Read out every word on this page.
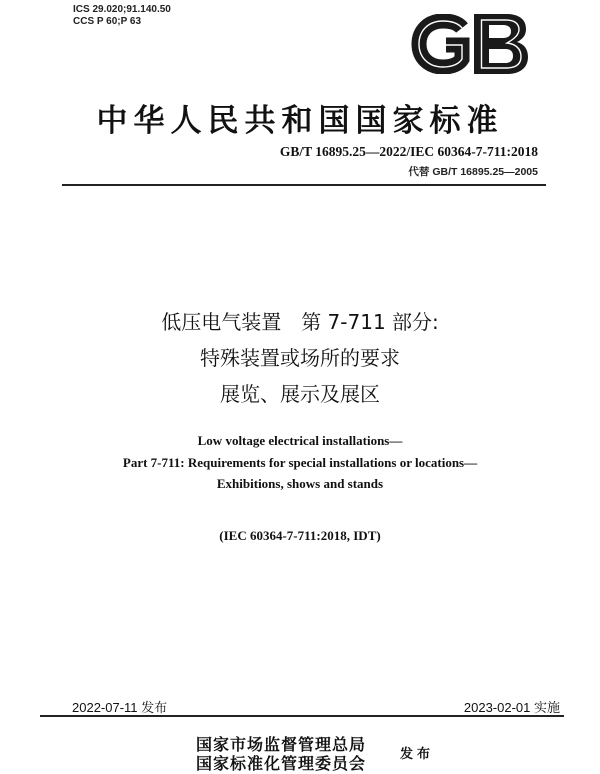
ICS 29.020;91.140.50
CCS P 60;P 63
中华人民共和国国家标准
GB/T 16895.25—2022/IEC 60364-7-711:2018
代替 GB/T 16895.25—2005
低压电气装置　第 7-711 部分:
特殊装置或场所的要求
展览、展示及展区
Low voltage electrical installations—
Part 7-711: Requirements for special installations or locations—
Exhibitions, shows and stands
(IEC 60364-7-711:2018, IDT)
2022-07-11 发布	2023-02-01 实施
国家市场监督管理总局
国家标准化管理委员会	发布
